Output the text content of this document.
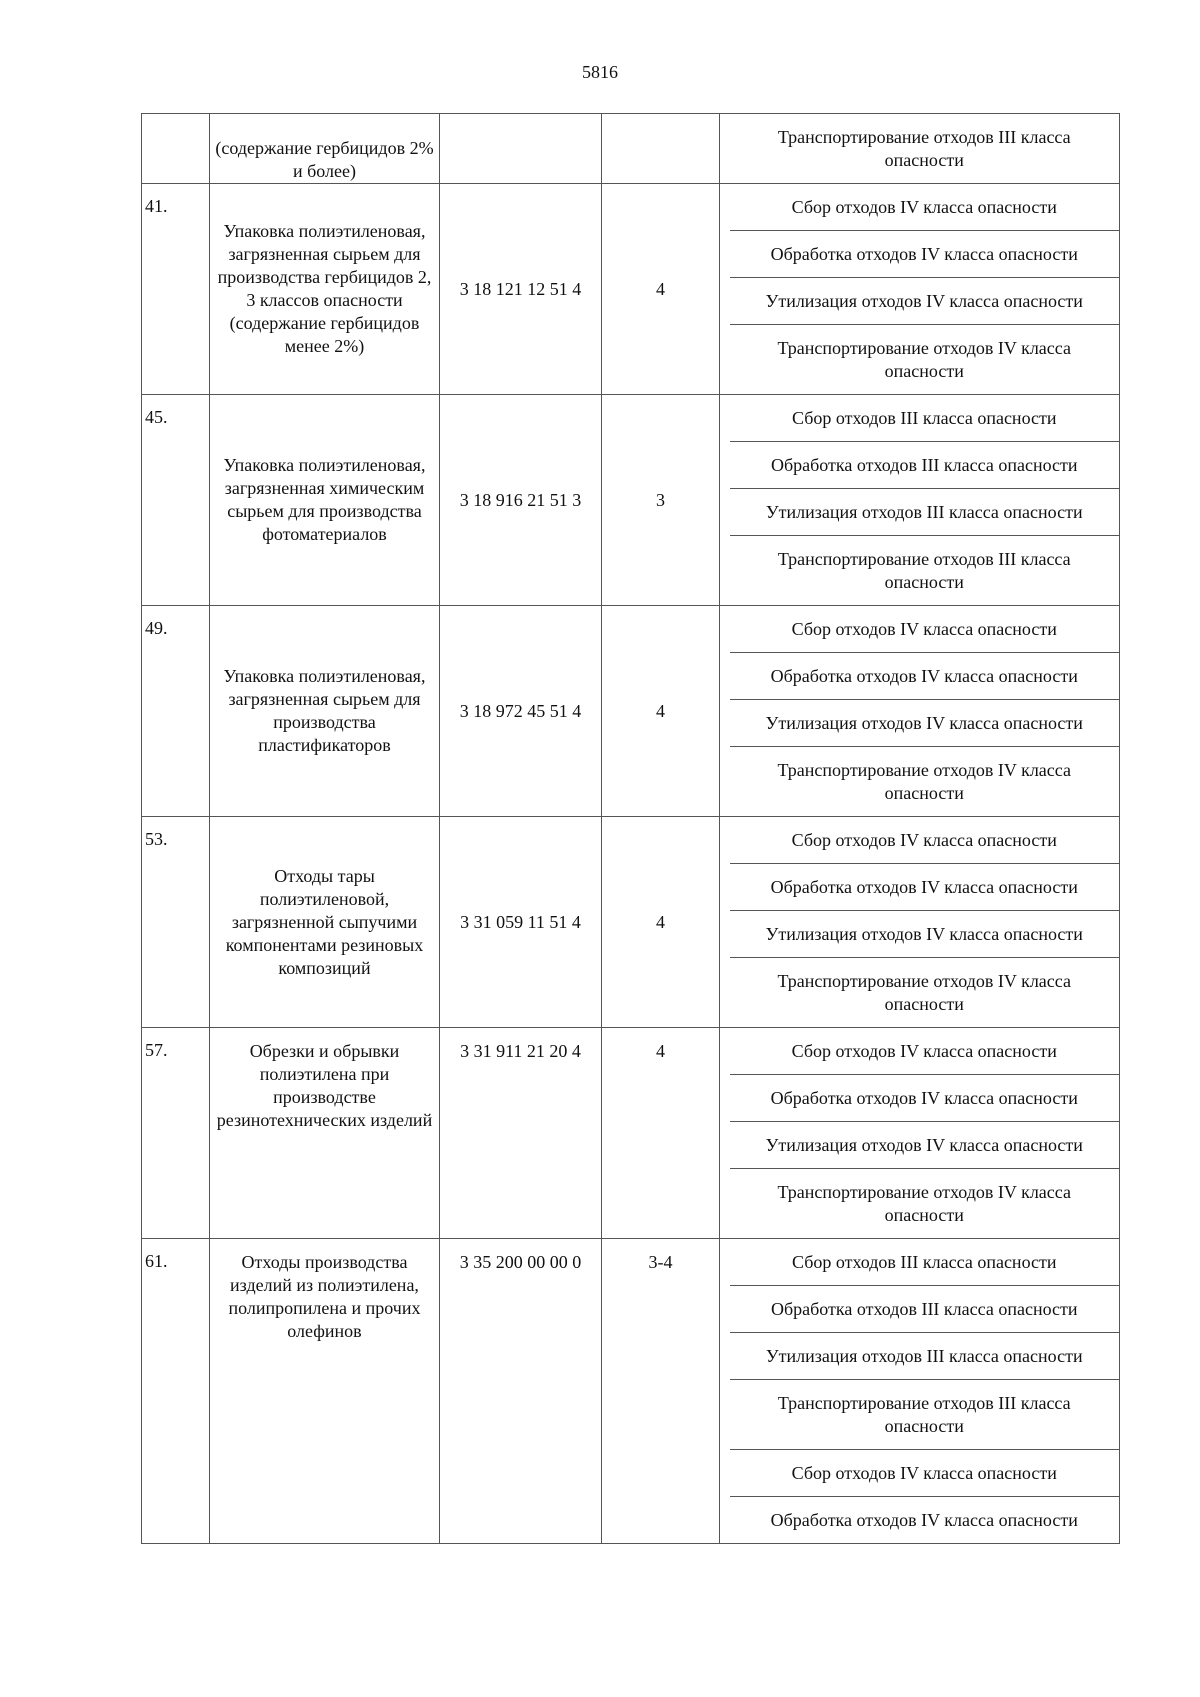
5816
	(содержание гербицидов 2% и более)				Транспортирование отходов III класса опасности
41.	Упаковка полиэтиленовая, загрязненная сырьем для производства гербицидов 2, 3 классов опасности (содержание гербицидов менее 2%)	3 18 121 12 51 4	4		Сбор отходов IV класса опасности
					Обработка отходов IV класса опасности
					Утилизация отходов IV класса опасности
					Транспортирование отходов IV класса опасности
45.	Упаковка полиэтиленовая, загрязненная химическим сырьем для производства фотоматериалов	3 18 916 21 51 3	3		Сбор отходов III класса опасности
					Обработка отходов III класса опасности
					Утилизация отходов III класса опасности
					Транспортирование отходов III класса опасности
49.	Упаковка полиэтиленовая, загрязненная сырьем для производства пластификаторов	3 18 972 45 51 4	4		Сбор отходов IV класса опасности
					Обработка отходов IV класса опасности
					Утилизация отходов IV класса опасности
					Транспортирование отходов IV класса опасности
53.	Отходы тары полиэтиленовой, загрязненной сыпучими компонентами резиновых композиций	3 31 059 11 51 4	4		Сбор отходов IV класса опасности
					Обработка отходов IV класса опасности
					Утилизация отходов IV класса опасности
					Транспортирование отходов IV класса опасности
57.	Обрезки и обрывки полиэтилена при производстве резинотехнических изделий	3 31 911 21 20 4	4		Сбор отходов IV класса опасности
					Обработка отходов IV класса опасности
					Утилизация отходов IV класса опасности
					Транспортирование отходов IV класса опасности
61.	Отходы производства изделий из полиэтилена, полипропилена и прочих олефинов	3 35 200 00 00 0	3-4		Сбор отходов III класса опасности
					Обработка отходов III класса опасности
					Утилизация отходов III класса опасности
					Транспортирование отходов III класса опасности
					Сбор отходов IV класса опасности
					Обработка отходов IV класса опасности
